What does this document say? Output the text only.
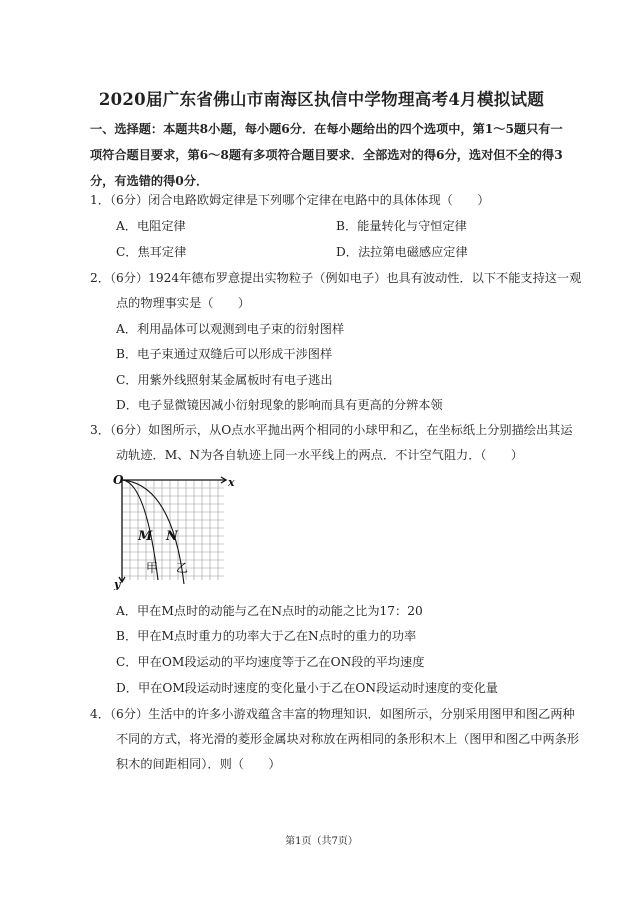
2020届广东省佛山市南海区执信中学物理高考4月模拟试题
一、选择题：本题共8小题，每小题6分．在每小题给出的四个选项中，第1～5题只有一
项符合题目要求，第6～8题有多项符合题目要求．全部选对的得6分，选对但不全的得3
分，有选错的得0分．
1．（6分）闭合电路欧姆定律是下列哪个定律在电路中的具体体现（　　）
A．电阻定律	B．能量转化与守恒定律
C．焦耳定律	D．法拉第电磁感应定律
2．（6分）1924年德布罗意提出实物粒子（例如电子）也具有波动性．以下不能支持这一观
点的物理事实是（　　）
A．利用晶体可以观测到电子束的衍射图样
B．电子束通过双缝后可以形成干涉图样
C．用紫外线照射某金属板时有电子逃出
D．电子显微镜因减小衍射现象的影响而具有更高的分辨本领
3．（6分）如图所示，从O点水平抛出两个相同的小球甲和乙，在坐标纸上分别描绘出其运
动轨迹．M、N为各自轨迹上同一水平线上的两点．不计空气阻力．（　　）
O	x
y
M N
甲 乙
A．甲在M点时的动能与乙在N点时的动能之比为17：20
B．甲在M点时重力的功率大于乙在N点时的重力的功率
C．甲在OM段运动的平均速度等于乙在ON段的平均速度
D．甲在OM段运动时速度的变化量小于乙在ON段运动时速度的变化量
4．（6分）生活中的许多小游戏蕴含丰富的物理知识．如图所示，分别采用图甲和图乙两种
不同的方式，将光滑的菱形金属块对称放在两相同的条形积木上（图甲和图乙中两条形
积木的间距相同）．则（　　）
第1页（共7页）
